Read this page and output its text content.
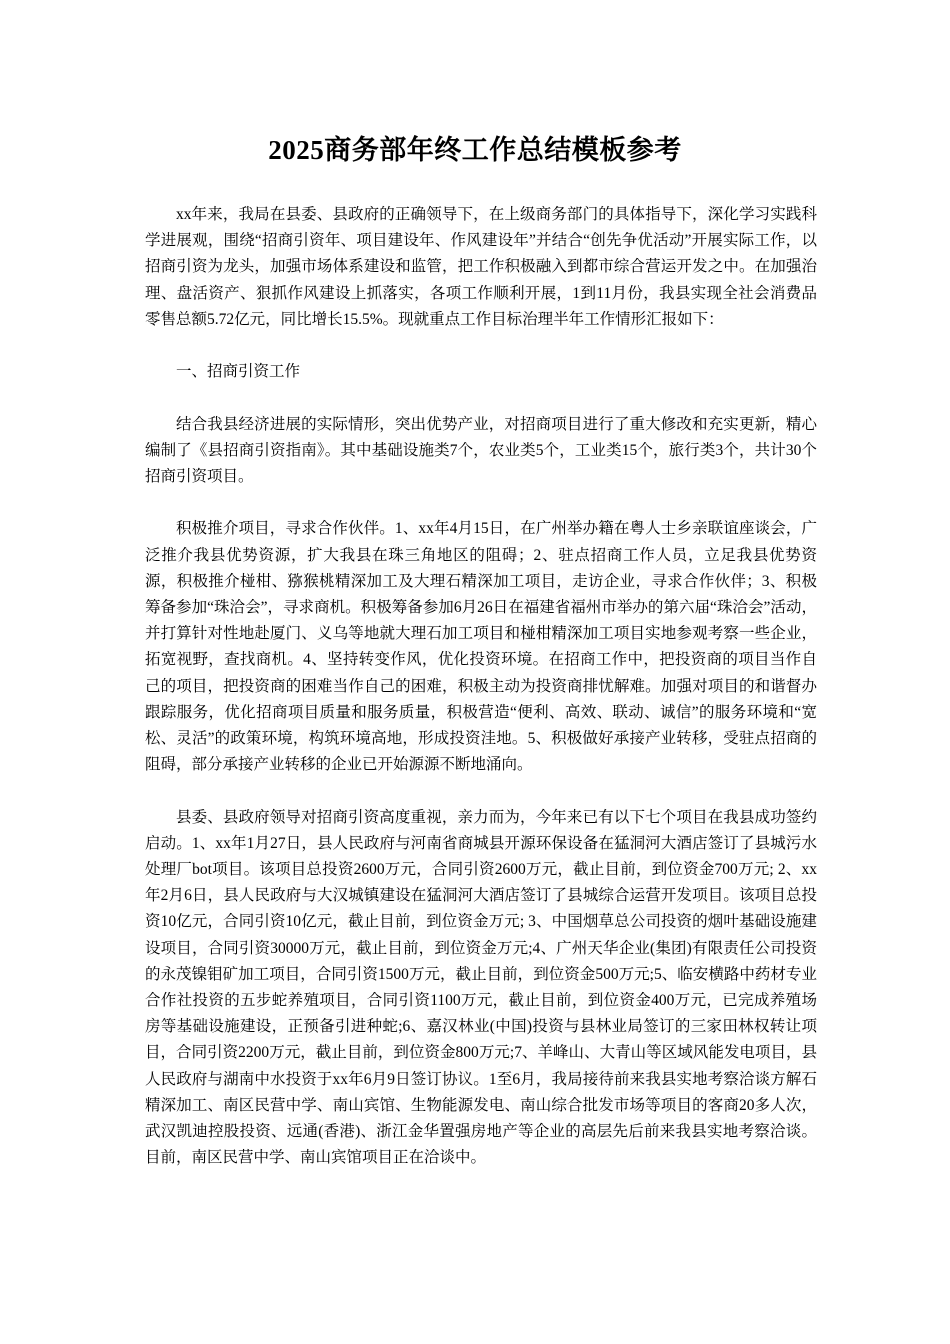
2025商务部年终工作总结模板参考

xx年来，我局在县委、县政府的正确领导下，在上级商务部门的具体指导下，深化学习实践科学进展观，围绕“招商引资年、项目建设年、作风建设年”并结合“创先争优活动”开展实际工作，以招商引资为龙头，加强市场体系建设和监管，把工作积极融入到都市综合营运开发之中。在加强治理、盘活资产、狠抓作风建设上抓落实，各项工作顺利开展，1到11月份，我县实现全社会消费品零售总额5.72亿元，同比增长15.5%。现就重点工作目标治理半年工作情形汇报如下：

一、招商引资工作

结合我县经济进展的实际情形，突出优势产业，对招商项目进行了重大修改和充实更新，精心编制了《县招商引资指南》。其中基础设施类7个，农业类5个，工业类15个，旅行类3个，共计30个招商引资项目。

积极推介项目，寻求合作伙伴。1、xx年4月15日，在广州举办籍在粤人士乡亲联谊座谈会，广泛推介我县优势资源，扩大我县在珠三角地区的阻碍；2、驻点招商工作人员，立足我县优势资源，积极推介椪柑、猕猴桃精深加工及大理石精深加工项目，走访企业，寻求合作伙伴；3、积极筹备参加“珠洽会”，寻求商机。积极筹备参加6月26日在福建省福州市举办的第六届“珠洽会”活动，并打算针对性地赴厦门、义乌等地就大理石加工项目和椪柑精深加工项目实地参观考察一些企业，拓宽视野，查找商机。4、坚持转变作风，优化投资环境。在招商工作中，把投资商的项目当作自己的项目，把投资商的困难当作自己的困难，积极主动为投资商排忧解难。加强对项目的和谐督办跟踪服务，优化招商项目质量和服务质量，积极营造“便利、高效、联动、诚信”的服务环境和“宽松、灵活”的政策环境，构筑环境高地，形成投资洼地。5、积极做好承接产业转移，受驻点招商的阻碍，部分承接产业转移的企业已开始源源不断地涌向。

县委、县政府领导对招商引资高度重视，亲力而为，今年来已有以下七个项目在我县成功签约启动。1、xx年1月27日，县人民政府与河南省商城县开源环保设备在猛洞河大酒店签订了县城污水处理厂bot项目。该项目总投资2600万元，合同引资2600万元，截止目前，到位资金700万元; 2、xx年2月6日，县人民政府与大汉城镇建设在猛洞河大酒店签订了县城综合运营开发项目。该项目总投资10亿元，合同引资10亿元，截止目前，到位资金万元; 3、中国烟草总公司投资的烟叶基础设施建设项目，合同引资30000万元，截止目前，到位资金万元;4、广州天华企业(集团)有限责任公司投资的永茂镍钼矿加工项目，合同引资1500万元，截止目前，到位资金500万元;5、临安横路中药材专业合作社投资的五步蛇养殖项目，合同引资1100万元，截止目前，到位资金400万元，已完成养殖场房等基础设施建设，正预备引进种蛇;6、嘉汉林业(中国)投资与县林业局签订的三家田林权转让项目，合同引资2200万元，截止目前，到位资金800万元;7、羊峰山、大青山等区域风能发电项目，县人民政府与湖南中水投资于xx年6月9日签订协议。1至6月，我局接待前来我县实地考察洽谈方解石精深加工、南区民营中学、南山宾馆、生物能源发电、南山综合批发市场等项目的客商20多人次，武汉凯迪控股投资、远通(香港)、浙江金华置强房地产等企业的高层先后前来我县实地考察洽谈。目前，南区民营中学、南山宾馆项目正在洽谈中。
